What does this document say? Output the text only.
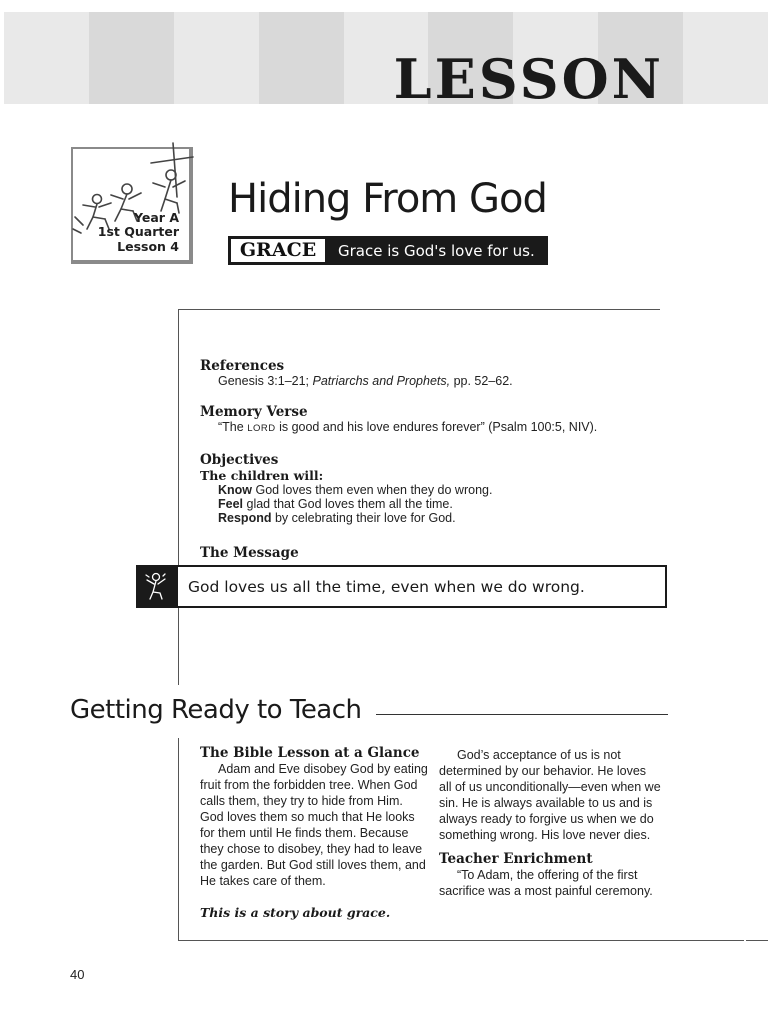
LESSON
Year A
1st Quarter
Lesson 4
Hiding From God
GRACE	Grace is God's love for us.
References
Genesis 3:1–21; Patriarchs and Prophets, pp. 52–62.
Memory Verse
“The LORD is good and his love endures forever” (Psalm 100:5, NIV).
Objectives
The children will:
Know God loves them even when they do wrong.
Feel glad that God loves them all the time.
Respond by celebrating their love for God.
The Message
God loves us all the time, even when we do wrong.
Getting Ready to Teach
The Bible Lesson at a Glance

Adam and Eve disobey God by eating fruit from the forbidden tree. When God calls them, they try to hide from Him. God loves them so much that He looks for them until He finds them. Because they chose to disobey, they had to leave the garden. But God still loves them, and He takes care of them.

This is a story about grace.

God’s acceptance of us is not determined by our behavior. He loves all of us unconditionally—even when we sin. He is always available to us and is always ready to forgive us when we do something wrong. His love never dies.

Teacher Enrichment

“To Adam, the offering of the first sacrifice was a most painful ceremony.

40
